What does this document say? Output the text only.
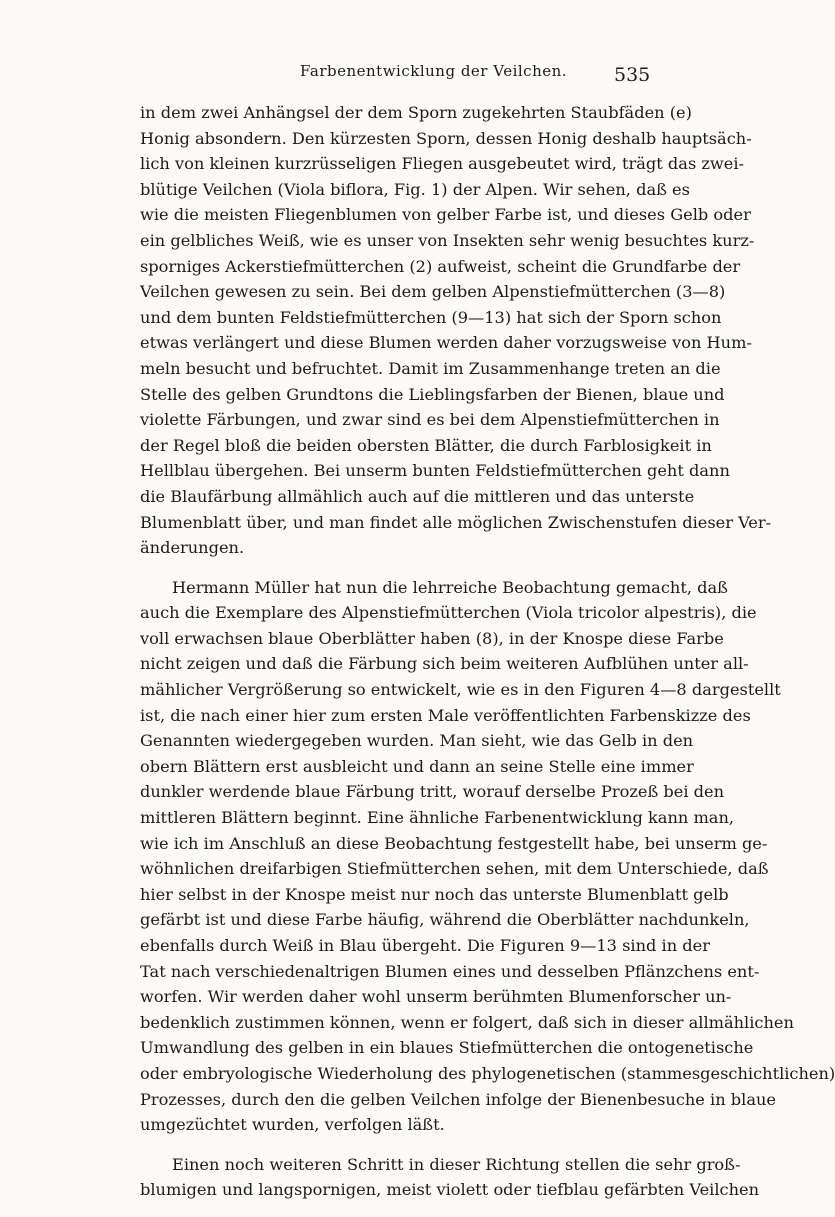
Farbenentwicklung der Veilchen. 535
in dem zwei Anhängsel der dem Sporn zugekehrten Staubfäden (e)
Honig absondern. Den kürzesten Sporn, dessen Honig deshalb hauptsäch-
lich von kleinen kurzrüsseligen Fliegen ausgebeutet wird, trägt das zwei-
blütige Veilchen (Viola biflora, Fig. 1) der Alpen. Wir sehen, daß es
wie die meisten Fliegenblumen von gelber Farbe ist, und dieses Gelb oder
ein gelbliches Weiß, wie es unser von Insekten sehr wenig besuchtes kurz-
sporniges Ackerstiefmütterchen (2) aufweist, scheint die Grundfarbe der
Veilchen gewesen zu sein. Bei dem gelben Alpenstiefmütterchen (3—8)
und dem bunten Feldstiefmütterchen (9—13) hat sich der Sporn schon
etwas verlängert und diese Blumen werden daher vorzugsweise von Hum-
meln besucht und befruchtet. Damit im Zusammenhange treten an die
Stelle des gelben Grundtons die Lieblingsfarben der Bienen, blaue und
violette Färbungen, und zwar sind es bei dem Alpenstiefmütterchen in
der Regel bloß die beiden obersten Blätter, die durch Farblosigkeit in
Hellblau übergehen. Bei unserm bunten Feldstiefmütterchen geht dann
die Blaufärbung allmählich auch auf die mittleren und das unterste
Blumenblatt über, und man findet alle möglichen Zwischenstufen dieser Ver-
änderungen.
Hermann Müller hat nun die lehrreiche Beobachtung gemacht, daß
auch die Exemplare des Alpenstiefmütterchen (Viola tricolor alpestris), die
voll erwachsen blaue Oberblätter haben (8), in der Knospe diese Farbe
nicht zeigen und daß die Färbung sich beim weiteren Aufblühen unter all-
mählicher Vergrößerung so entwickelt, wie es in den Figuren 4—8 dargestellt
ist, die nach einer hier zum ersten Male veröffentlichten Farbenskizze des
Genannten wiedergegeben wurden. Man sieht, wie das Gelb in den
obern Blättern erst ausbleicht und dann an seine Stelle eine immer
dunkler werdende blaue Färbung tritt, worauf derselbe Prozeß bei den
mittleren Blättern beginnt. Eine ähnliche Farbenentwicklung kann man,
wie ich im Anschluß an diese Beobachtung festgestellt habe, bei unserm ge-
wöhnlichen dreifarbigen Stiefmütterchen sehen, mit dem Unterschiede, daß
hier selbst in der Knospe meist nur noch das unterste Blumenblatt gelb
gefärbt ist und diese Farbe häufig, während die Oberblätter nachdunkeln,
ebenfalls durch Weiß in Blau übergeht. Die Figuren 9—13 sind in der
Tat nach verschiedenaltrigen Blumen eines und desselben Pflänzchens ent-
worfen. Wir werden daher wohl unserm berühmten Blumenforscher un-
bedenklich zustimmen können, wenn er folgert, daß sich in dieser allmählichen
Umwandlung des gelben in ein blaues Stiefmütterchen die ontogenetische
oder embryologische Wiederholung des phylogenetischen (stammesgeschichtlichen)
Prozesses, durch den die gelben Veilchen infolge der Bienenbesuche in blaue
umgezüchtet wurden, verfolgen läßt.
Einen noch weiteren Schritt in dieser Richtung stellen die sehr groß-
blumigen und langspornigen, meist violett oder tiefblau gefärbten Veilchen
